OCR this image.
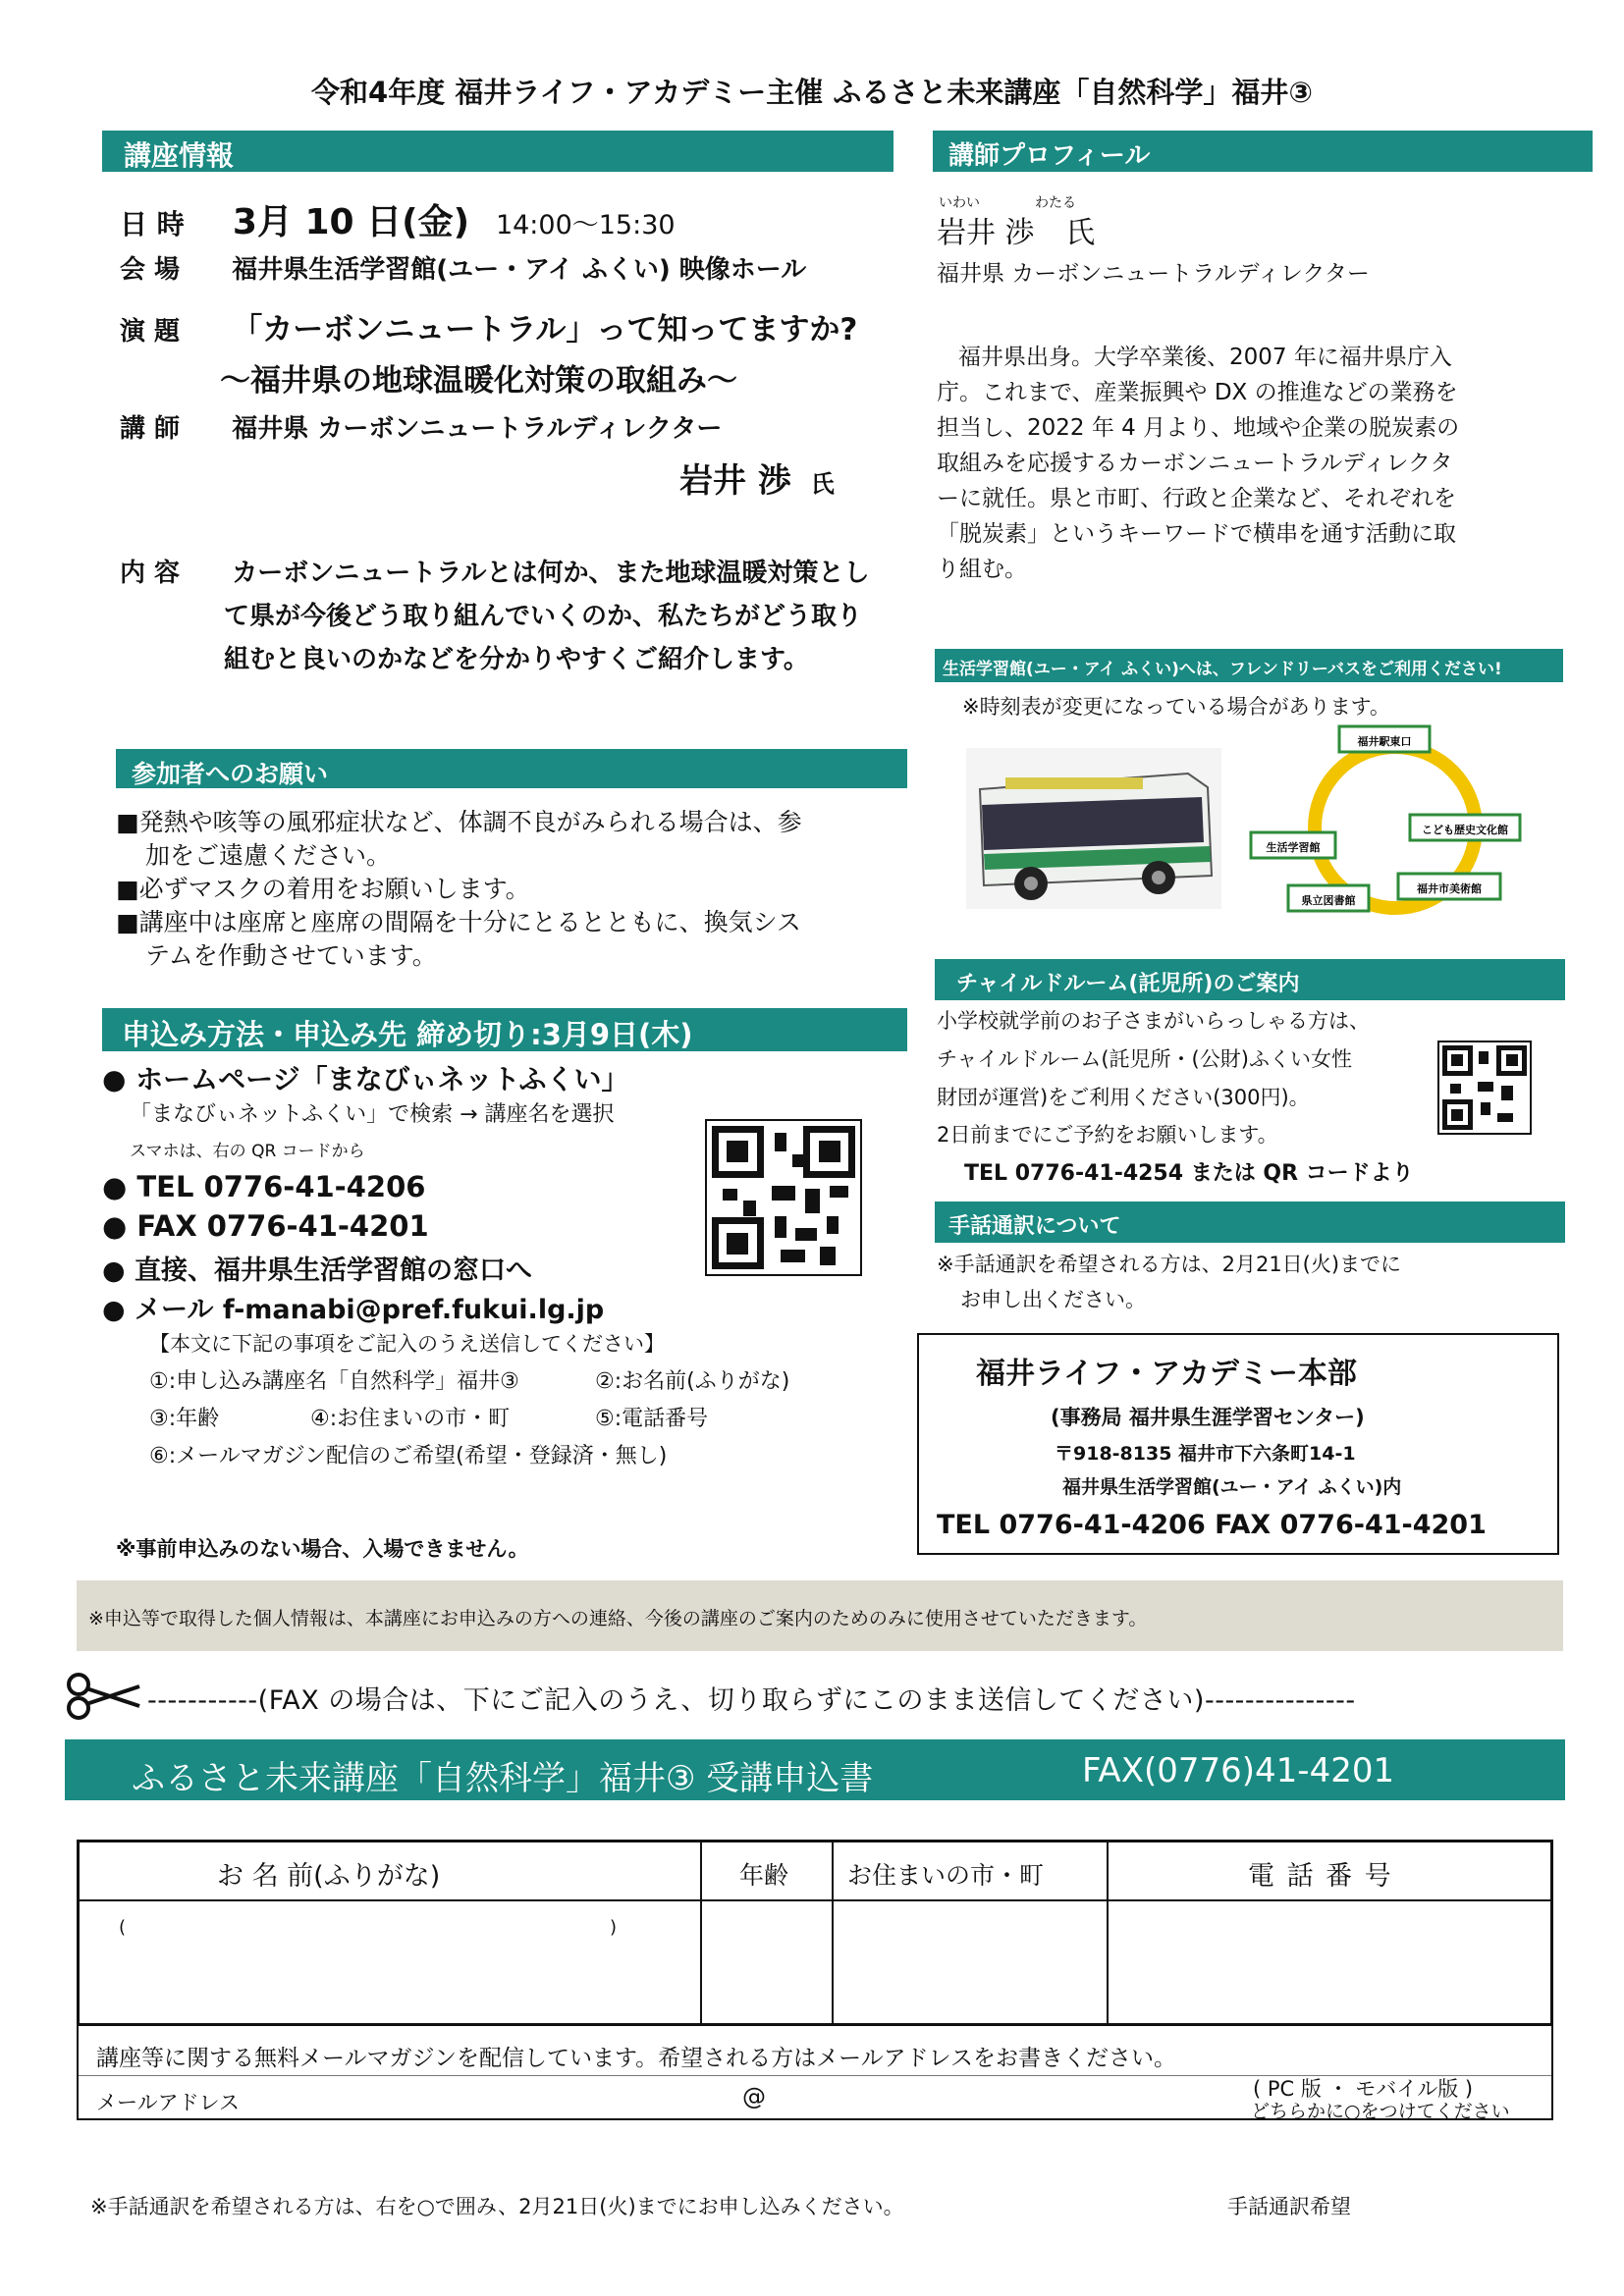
令和4年度 福井ライフ・アカデミー主催 ふるさと未来講座「自然科学」福井③
講座情報
日 時 3月 10 日(金) 14:00〜15:30
会 場 福井県生活学習館(ユー・アイ ふくい) 映像ホール
演 題 「カーボンニュートラル」って知ってますか?
〜福井県の地球温暖化対策の取組み〜
講 師 福井県 カーボンニュートラルディレクター
岩井 渉 氏
内 容 カーボンニュートラルとは何か、また地球温暖対策とし
て県が今後どう取り組んでいくのか、私たちがどう取り
組むと良いのかなどを分かりやすくご紹介します。
参加者へのお願い
■発熱や咳等の風邪症状など、体調不良がみられる場合は、参
加をご遠慮ください。
■必ずマスクの着用をお願いします。
■講座中は座席と座席の間隔を十分にとるとともに、換気シス
テムを作動させています。
申込み方法・申込み先 締め切り:3月9日(木)
● ホームページ「まなびぃネットふくい」
「まなびぃネットふくい」で検索 → 講座名を選択
スマホは、右の QR コードから
● TEL 0776-41-4206
● FAX 0776-41-4201
● 直接、福井県生活学習館の窓口へ
● メール f-manabi@pref.fukui.lg.jp
【本文に下記の事項をご記入のうえ送信してください】
①:申し込み講座名「自然科学」福井③	②:お名前(ふりがな)
③:年齢	④:お住まいの市・町	⑤:電話番号
⑥:メールマガジン配信のご希望(希望・登録済・無し)
※事前申込みのない場合、入場できません。
講師プロフィール
いわい	わたる
岩井 渉 氏
福井県 カーボンニュートラルディレクター
福井県出身。大学卒業後、2007 年に福井県庁入
庁。これまで、産業振興や DX の推進などの業務を
担当し、2022 年 4 月より、地域や企業の脱炭素の
取組みを応援するカーボンニュートラルディレクタ
ーに就任。県と市町、行政と企業など、それぞれを
「脱炭素」というキーワードで横串を通す活動に取
り組む。
生活学習館(ユー・アイ ふくい)へは、フレンドリーバスをご利用ください!
※時刻表が変更になっている場合があります。
福井駅東口
こども歴史文化館
福井市美術館
県立図書館
生活学習館
チャイルドルーム(託児所)のご案内
小学校就学前のお子さまがいらっしゃる方は、
チャイルドルーム(託児所・(公財)ふくい女性
財団が運営)をご利用ください(300円)。
2日前までにご予約をお願いします。
TEL 0776-41-4254 または QR コードより
手話通訳について
※手話通訳を希望される方は、2月21日(火)までに
お申し出ください。
福井ライフ・アカデミー本部
(事務局 福井県生涯学習センター)
〒918-8135 福井市下六条町14-1
福井県生活学習館(ユー・アイ ふくい)内
TEL 0776-41-4206 FAX 0776-41-4201
※申込等で取得した個人情報は、本講座にお申込みの方への連絡、今後の講座のご案内のためのみに使用させていただきます。
-----------(FAX の場合は、下にご記入のうえ、切り取らずにこのまま送信してください)---------------
ふるさと未来講座「自然科学」福井③ 受講申込書	FAX(0776)41-4201
お 名 前(ふりがな)	年齢 お住まいの市・町	電 話 番 号
(	)
講座等に関する無料メールマガジンを配信しています。希望される方はメールアドレスをお書きください。
メールアドレス	@	( PC 版 ・ モバイル版 )
どちらかに○をつけてください
※手話通訳を希望される方は、右を○で囲み、2月21日(火)までにお申し込みください。	手話通訳希望
